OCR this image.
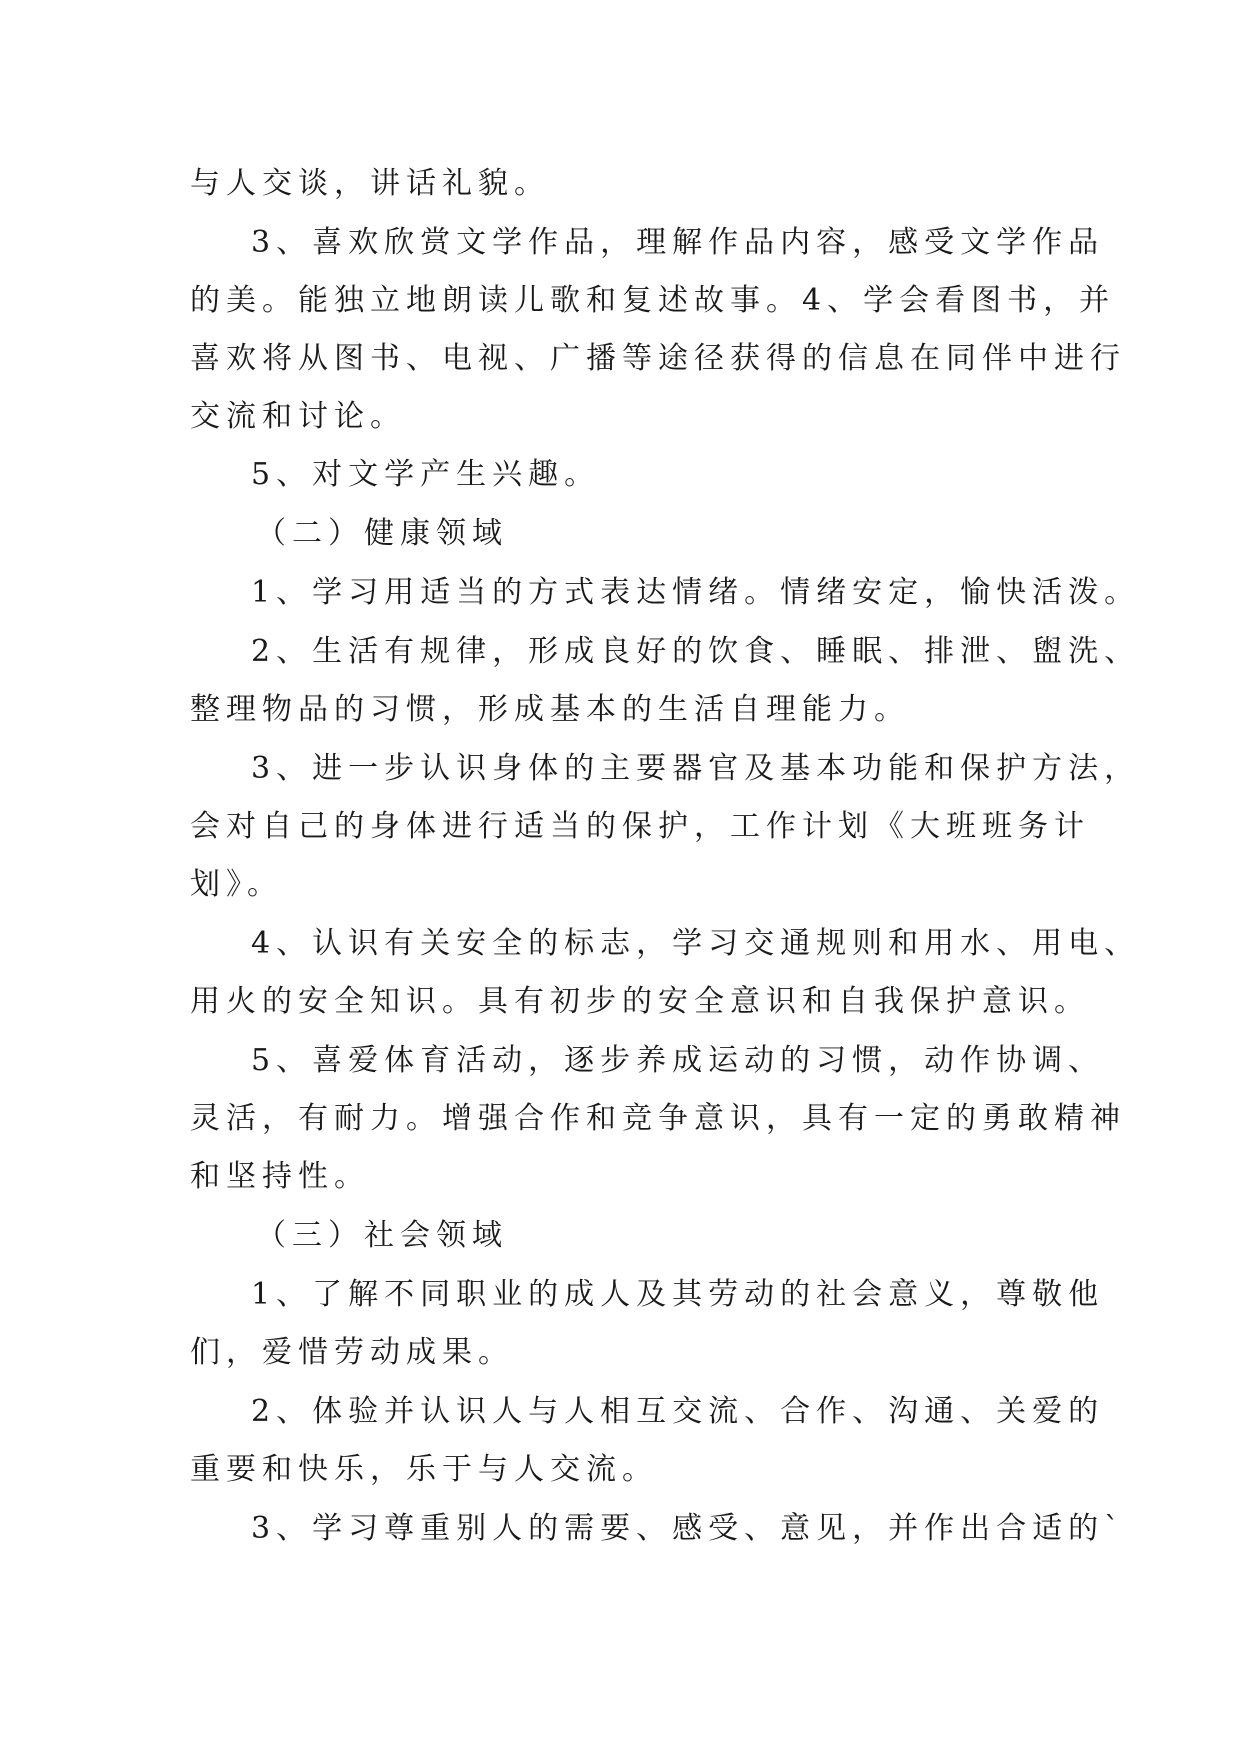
与人交谈，讲话礼貌。

3、喜欢欣赏文学作品，理解作品内容，感受文学作品

的美。能独立地朗读儿歌和复述故事。4、学会看图书，并

喜欢将从图书、电视、广播等途径获得的信息在同伴中进行

交流和讨论。

5、对文学产生兴趣。

（二）健康领域

1、学习用适当的方式表达情绪。情绪安定，愉快活泼。

2、生活有规律，形成良好的饮食、睡眠、排泄、盥洗、

整理物品的习惯，形成基本的生活自理能力。

3、进一步认识身体的主要器官及基本功能和保护方法，

会对自己的身体进行适当的保护，工作计划《大班班务计

划》。

4、认识有关安全的标志，学习交通规则和用水、用电、

用火的安全知识。具有初步的安全意识和自我保护意识。

5、喜爱体育活动，逐步养成运动的习惯，动作协调、

灵活，有耐力。增强合作和竞争意识，具有一定的勇敢精神

和坚持性。

（三）社会领域

1、了解不同职业的成人及其劳动的社会意义，尊敬他

们，爱惜劳动成果。

2、体验并认识人与人相互交流、合作、沟通、关爱的

重要和快乐，乐于与人交流。

3、学习尊重别人的需要、感受、意见，并作出合适的`
